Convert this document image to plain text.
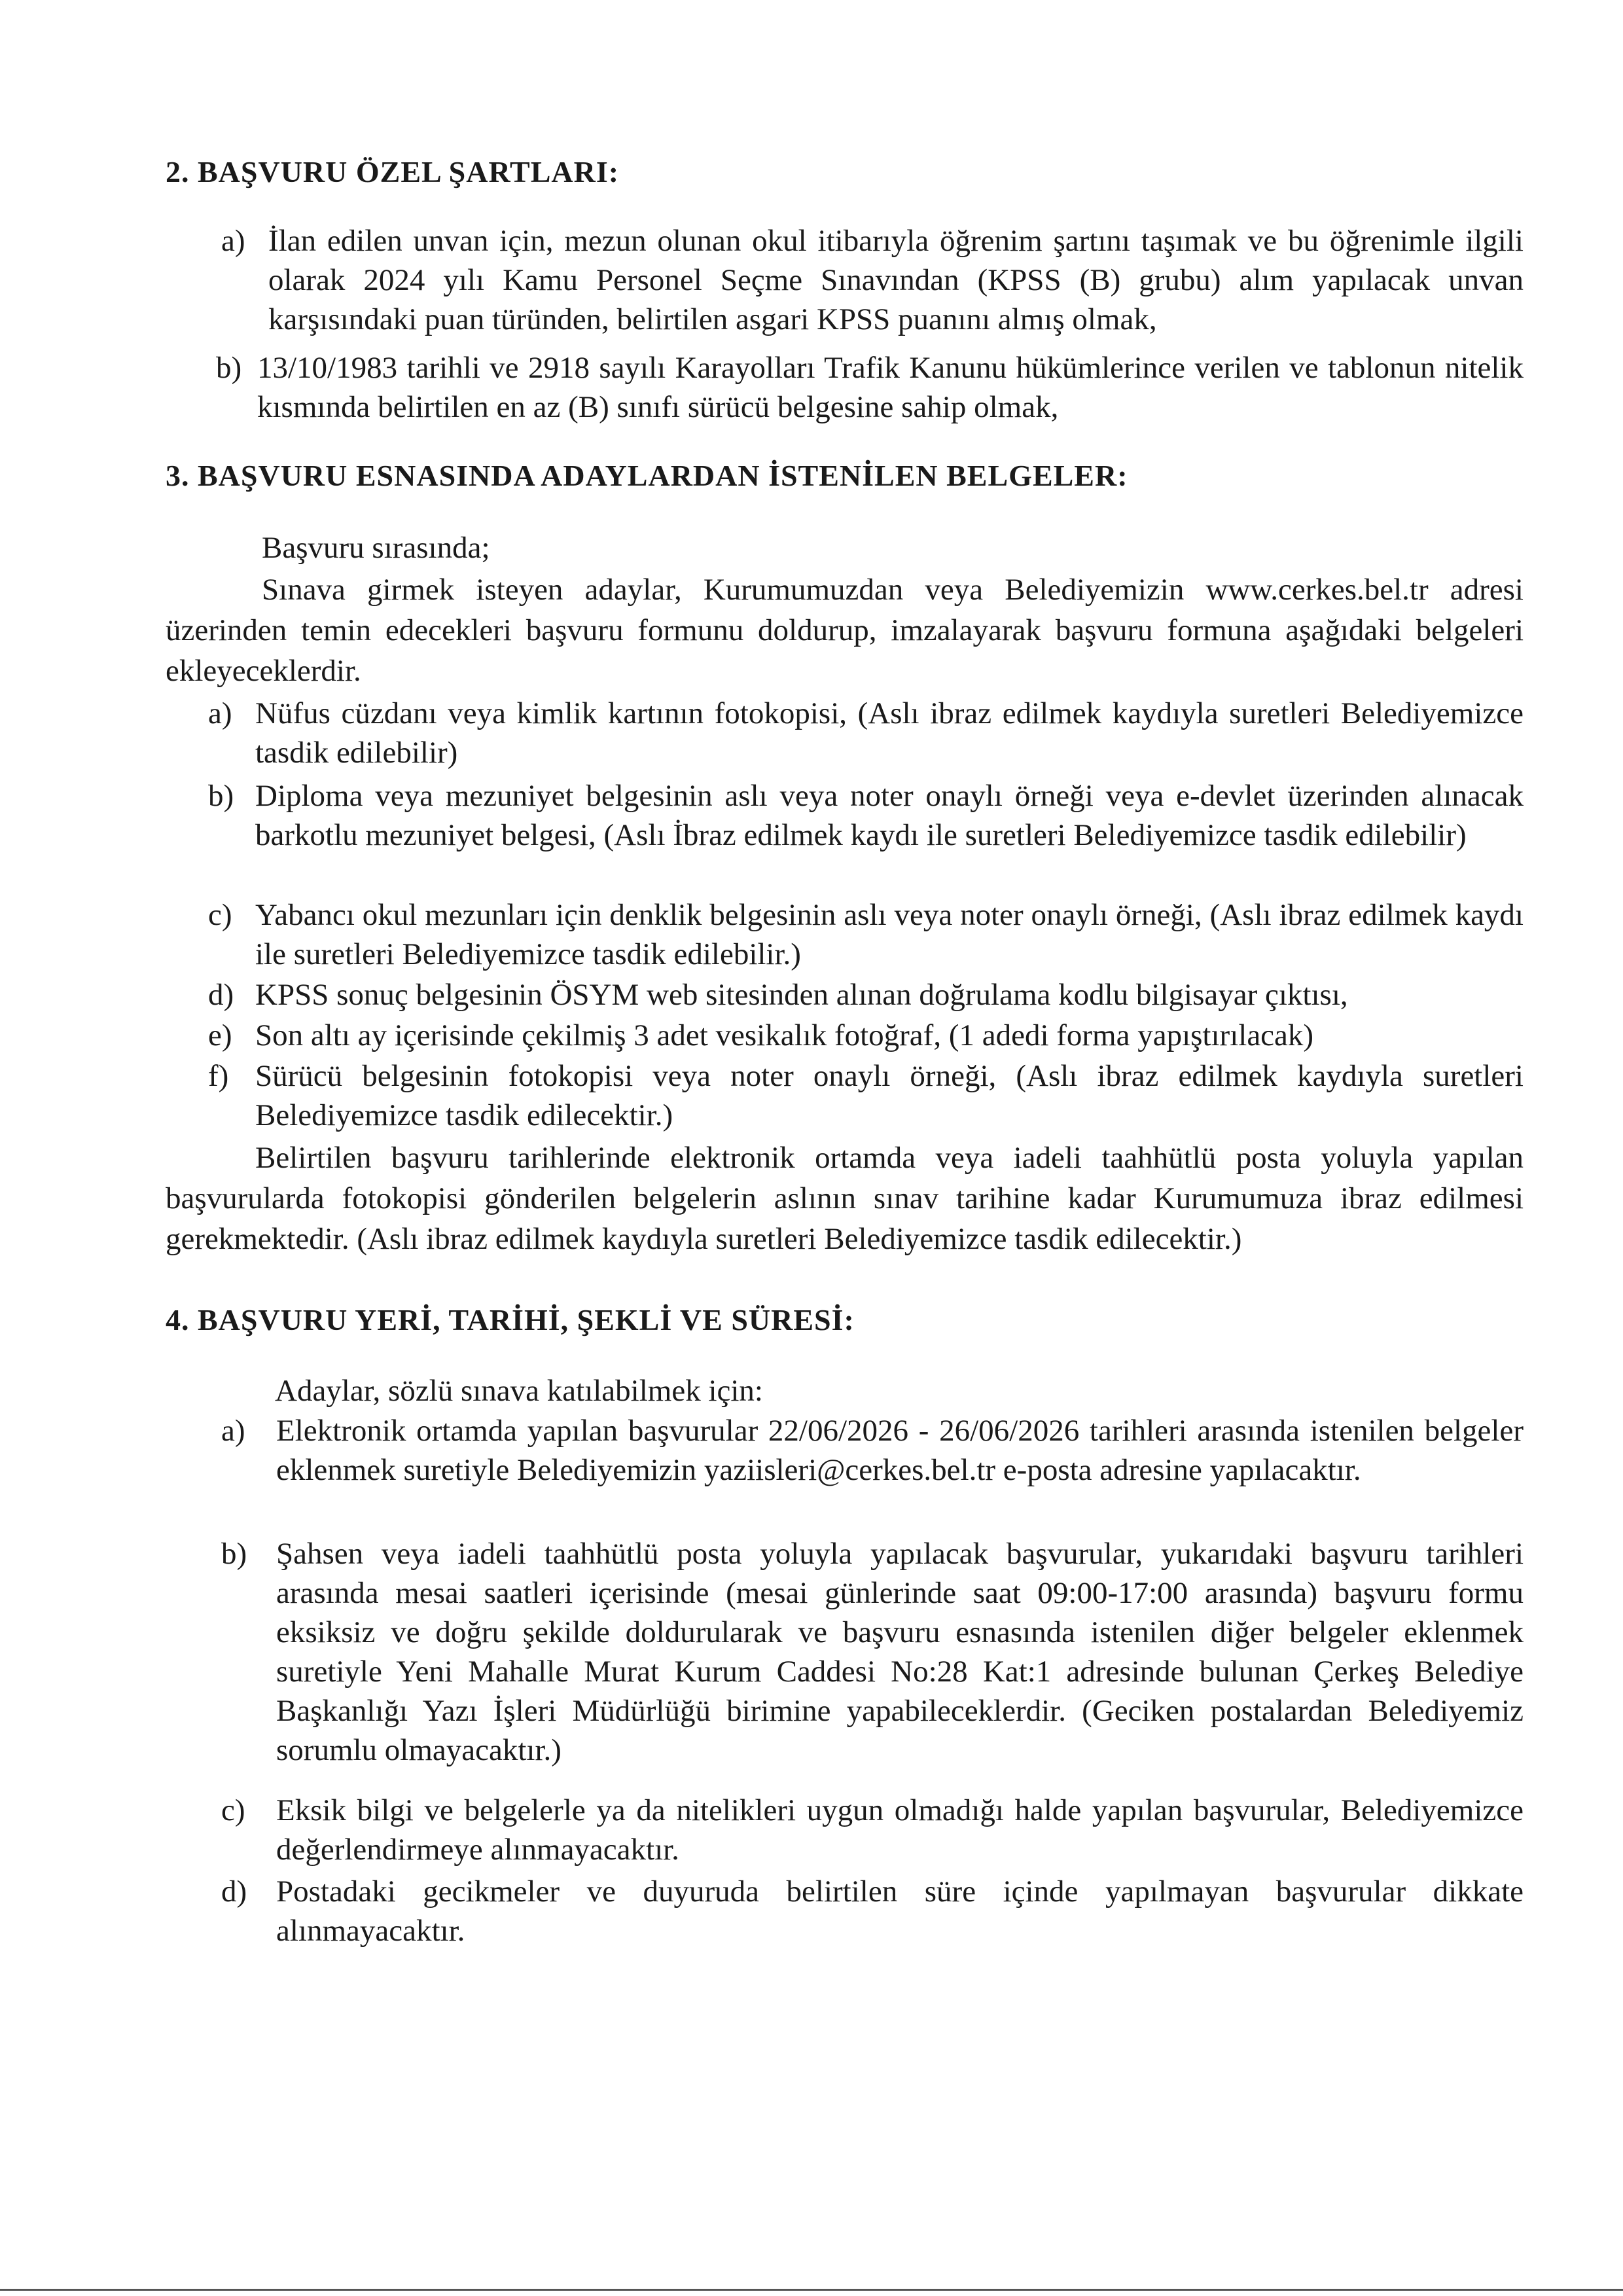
2. BAŞVURU ÖZEL ŞARTLARI:
a) İlan edilen unvan için, mezun olunan okul itibarıyla öğrenim şartını taşımak ve bu öğrenimle ilgili olarak 2024 yılı Kamu Personel Seçme Sınavından (KPSS (B) grubu) alım yapılacak unvan karşısındaki puan türünden, belirtilen asgari KPSS puanını almış olmak,
b) 13/10/1983 tarihli ve 2918 sayılı Karayolları Trafik Kanunu hükümlerince verilen ve tablonun nitelik kısmında belirtilen en az (B) sınıfı sürücü belgesine sahip olmak,
3. BAŞVURU ESNASINDA ADAYLARDAN İSTENİLEN BELGELER:
Başvuru sırasında;
Sınava girmek isteyen adaylar, Kurumumuzdan veya Belediyemizin www.cerkes.bel.tr adresi üzerinden temin edecekleri başvuru formunu doldurup, imzalayarak başvuru formuna aşağıdaki belgeleri ekleyeceklerdir.
a) Nüfus cüzdanı veya kimlik kartının fotokopisi, (Aslı ibraz edilmek kaydıyla suretleri Belediyemizce tasdik edilebilir)
b) Diploma veya mezuniyet belgesinin aslı veya noter onaylı örneği veya e-devlet üzerinden alınacak barkotlu mezuniyet belgesi, (Aslı İbraz edilmek kaydı ile suretleri Belediyemizce tasdik edilebilir)
c) Yabancı okul mezunları için denklik belgesinin aslı veya noter onaylı örneği, (Aslı ibraz edilmek kaydı ile suretleri Belediyemizce tasdik edilebilir.)
d) KPSS sonuç belgesinin ÖSYM web sitesinden alınan doğrulama kodlu bilgisayar çıktısı,
e) Son altı ay içerisinde çekilmiş 3 adet vesikalık fotoğraf, (1 adedi forma yapıştırılacak)
f) Sürücü belgesinin fotokopisi veya noter onaylı örneği, (Aslı ibraz edilmek kaydıyla suretleri Belediyemizce tasdik edilecektir.)
Belirtilen başvuru tarihlerinde elektronik ortamda veya iadeli taahhütlü posta yoluyla yapılan başvurularda fotokopisi gönderilen belgelerin aslının sınav tarihine kadar Kurumumuza ibraz edilmesi gerekmektedir. (Aslı ibraz edilmek kaydıyla suretleri Belediyemizce tasdik edilecektir.)
4. BAŞVURU YERİ, TARİHİ, ŞEKLİ VE SÜRESİ:
Adaylar, sözlü sınava katılabilmek için:
a) Elektronik ortamda yapılan başvurular 22/06/2026 - 26/06/2026 tarihleri arasında istenilen belgeler eklenmek suretiyle Belediyemizin yaziisleri@cerkes.bel.tr e-posta adresine yapılacaktır.
b) Şahsen veya iadeli taahhütlü posta yoluyla yapılacak başvurular, yukarıdaki başvuru tarihleri arasında mesai saatleri içerisinde (mesai günlerinde saat 09:00-17:00 arasında) başvuru formu eksiksiz ve doğru şekilde doldurularak ve başvuru esnasında istenilen diğer belgeler eklenmek suretiyle Yeni Mahalle Murat Kurum Caddesi No:28 Kat:1 adresinde bulunan Çerkeş Belediye Başkanlığı Yazı İşleri Müdürlüğü birimine yapabileceklerdir. (Geciken postalardan Belediyemiz sorumlu olmayacaktır.)
c) Eksik bilgi ve belgelerle ya da nitelikleri uygun olmadığı halde yapılan başvurular, Belediyemizce değerlendirmeye alınmayacaktır.
d) Postadaki gecikmeler ve duyuruda belirtilen süre içinde yapılmayan başvurular dikkate alınmayacaktır.
